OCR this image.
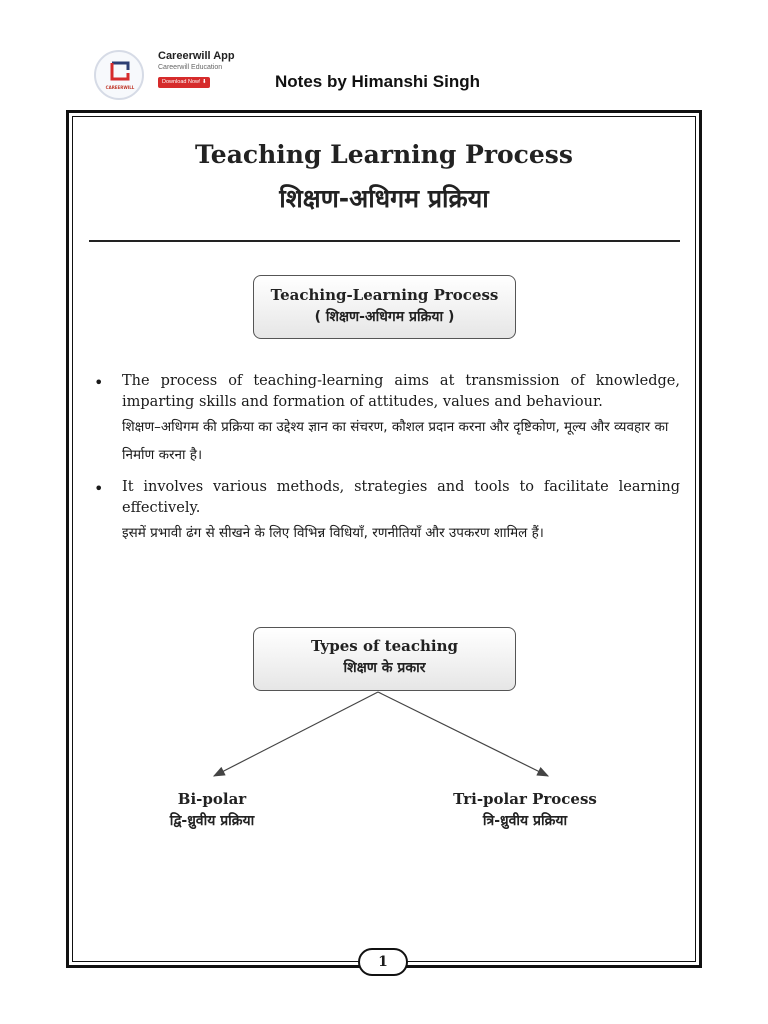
CAREERWILL
Careerwill App
Careerwill Education
Download Now! ⬇	Notes by Himanshi Singh
Teaching Learning Process
शिक्षण-अधिगम प्रक्रिया
Teaching-Learning Process
( शिक्षण-अधिगम प्रक्रिया )
• The process of teaching-learning aims at transmission of knowledge, imparting skills and formation of attitudes, values and behaviour.
शिक्षण–अधिगम की प्रक्रिया का उद्देश्य ज्ञान का संचरण, कौशल प्रदान करना और दृष्टिकोण, मूल्य और व्यवहार का निर्माण करना है।
• It involves various methods, strategies and tools to facilitate learning effectively.
इसमें प्रभावी ढंग से सीखने के लिए विभिन्न विधियाँ, रणनीतियाँ और उपकरण शामिल हैं।
Types of teaching
शिक्षण के प्रकार
Bi-polar
द्वि-ध्रुवीय प्रक्रिया
Tri-polar Process
त्रि-ध्रुवीय प्रक्रिया
1
